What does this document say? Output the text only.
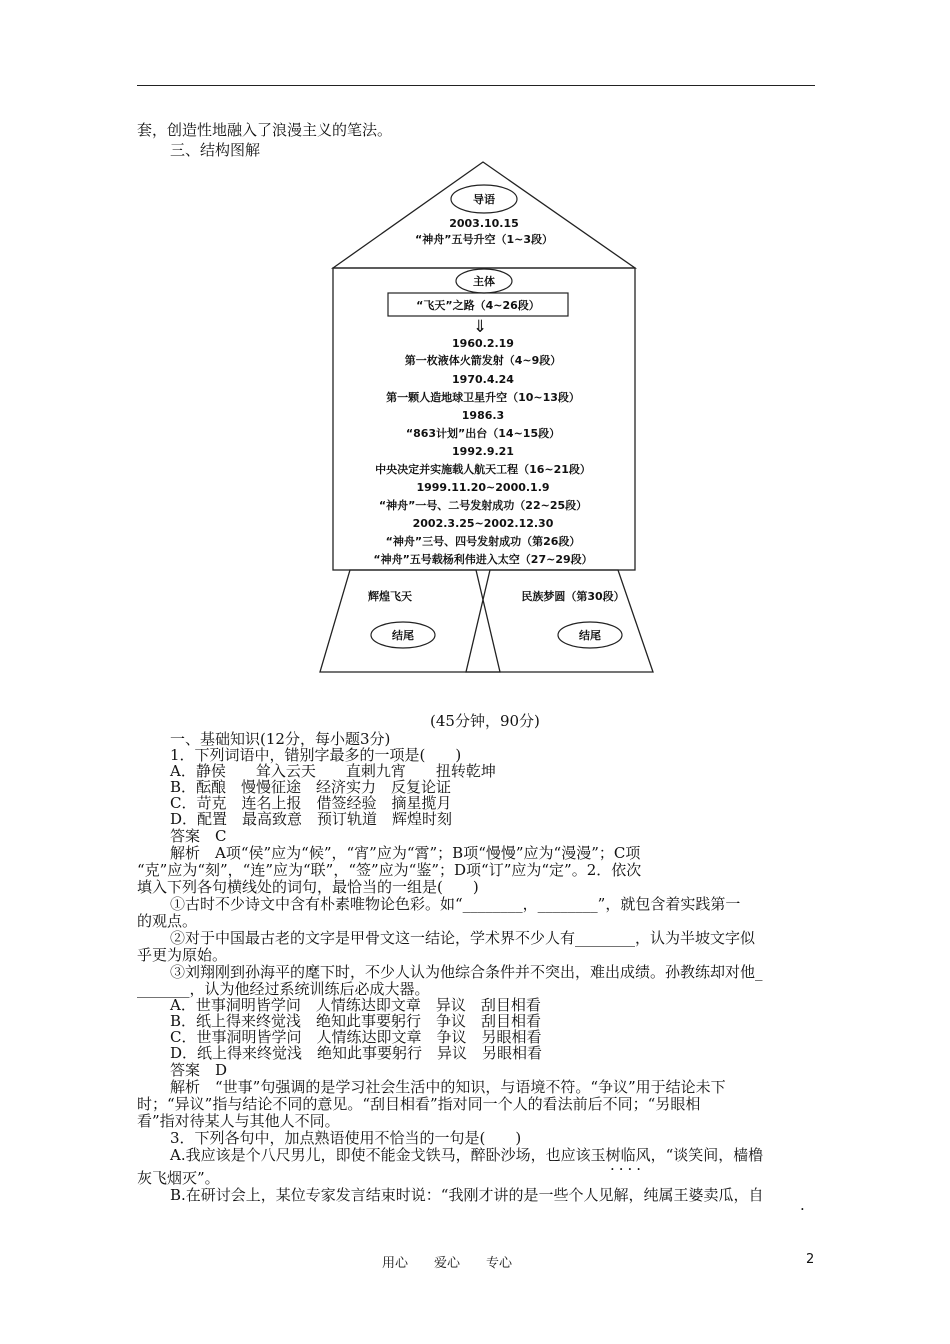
套，创造性地融入了浪漫主义的笔法。
三、结构图解
导语
2003.10.15
“神舟”五号升空（1~3段）
主体
“飞天”之路（4~26段）
⇓
1960.2.19
第一枚液体火箭发射（4~9段）
1970.4.24
第一颗人造地球卫星升空（10~13段）
1986.3
“863计划”出台（14~15段）
1992.9.21
中央决定并实施载人航天工程（16~21段）
1999.11.20~2000.1.9
“神舟”一号、二号发射成功（22~25段）
2002.3.25~2002.12.30
“神舟”三号、四号发射成功（第26段）
“神舟”五号载杨利伟进入太空（27~29段）
辉煌飞天
结尾
民族梦圆（第30段）
结尾
(45分钟，90分)
一、基础知识(12分，每小题3分)
1．下列词语中，错别字最多的一项是(　　)
A．静侯　　耸入云天　　直刺九宵　　扭转乾坤
B．酝酿　慢慢征途　经济实力　反复论证
C．苛克　连名上报　借签经验　摘星揽月
D．配置　最高致意　预订轨道　辉煌时刻
答案　C
解析　A项“侯”应为“候”，“宵”应为“霄”；B项“慢慢”应为“漫漫”；C项
“克”应为“刻”，“连”应为“联”，“签”应为“鉴”；D项“订”应为“定”。2．依次
填入下列各句横线处的词句，最恰当的一组是(　　)
①古时不少诗文中含有朴素唯物论色彩。如“________，________”，就包含着实践第一
的观点。
②对于中国最古老的文字是甲骨文这一结论，学术界不少人有________，认为半坡文字似
乎更为原始。
③刘翔刚到孙海平的麾下时，不少人认为他综合条件并不突出，难出成绩。孙教练却对他_
_______，认为他经过系统训练后必成大器。
A．世事洞明皆学问　人情练达即文章　异议　刮目相看
B．纸上得来终觉浅　绝知此事要躬行　争议　刮目相看
C．世事洞明皆学问　人情练达即文章　争议　另眼相看
D．纸上得来终觉浅　绝知此事要躬行　异议　另眼相看
答案　D
解析　“世事”句强调的是学习社会生活中的知识，与语境不符。“争议”用于结论未下
时；“异议”指与结论不同的意见。“刮目相看”指对同一个人的看法前后不同；“另眼相
看”指对待某人与其他人不同。
3．下列各句中，加点熟语使用不恰当的一句是(　　)
A.我应该是个八尺男儿，即使不能金戈铁马，醉卧沙场，也应该玉树临风，“谈笑间，樯橹
····
灰飞烟灭”。
B.在研讨会上，某位专家发言结束时说：“我刚才讲的是一些个人见解，纯属王婆卖瓜，自
·
用心　　爱心　　专心	2
